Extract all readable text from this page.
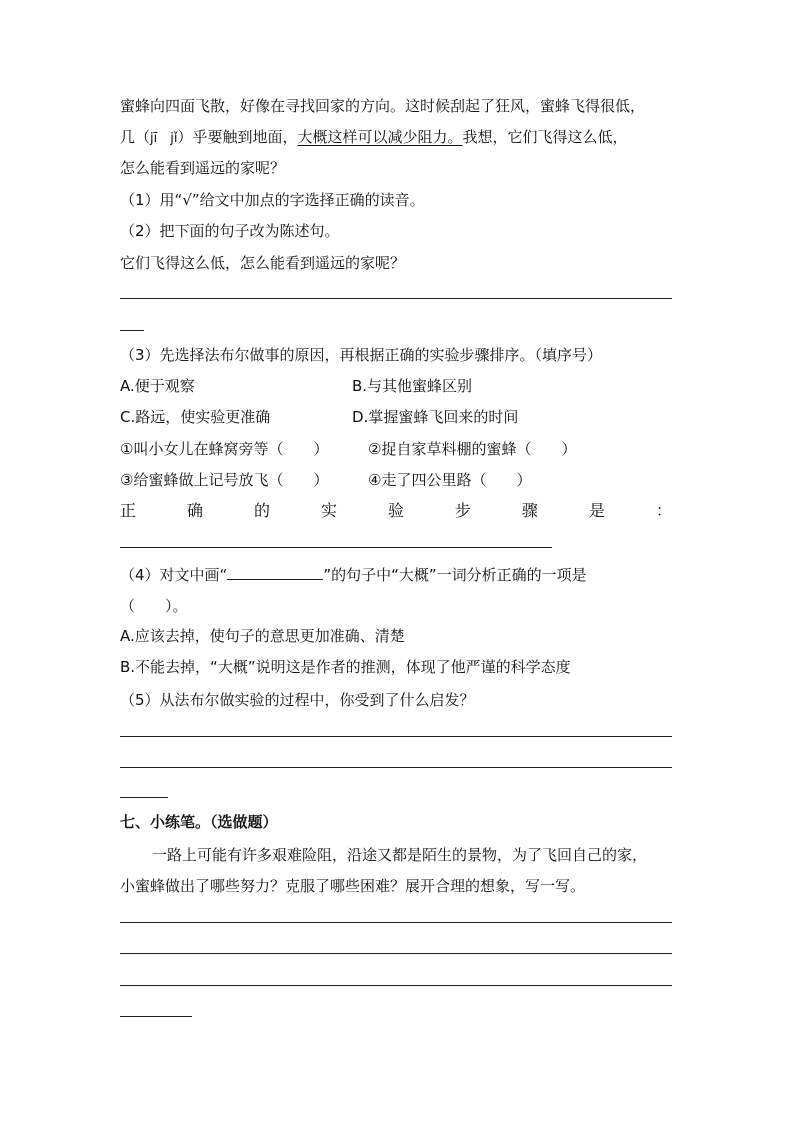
蜜蜂向四面飞散，好像在寻找回家的方向。这时候刮起了狂风，蜜蜂飞得很低，
几（jī　jǐ）乎要触到地面，大概这样可以减少阻力。我想，它们飞得这么低，
怎么能看到遥远的家呢？
（1）用“√”给文中加点的字选择正确的读音。
（2）把下面的句子改为陈述句。
它们飞得这么低，怎么能看到遥远的家呢？
（3）先选择法布尔做事的原因，再根据正确的实验步骤排序。（填序号）
A.便于观察	B.与其他蜜蜂区别
C.路远，使实验更准确	D.掌握蜜蜂飞回来的时间
①叫小女儿在蜂窝旁等（　　）	②捉自家草料棚的蜜蜂（　　）
③给蜜蜂做上记号放飞（　　）	④走了四公里路（　　）
正	确	的	实	验	步	骤	是	：
（4）对文中画“	”的句子中“大概”一词分析正确的一项是
（　　）。
A.应该去掉，使句子的意思更加准确、清楚
B.不能去掉，“大概”说明这是作者的推测，体现了他严谨的科学态度
（5）从法布尔做实验的过程中，你受到了什么启发？
七、小练笔。（选做题）
一路上可能有许多艰难险阻，沿途又都是陌生的景物，为了飞回自己的家，
小蜜蜂做出了哪些努力？克服了哪些困难？展开合理的想象，写一写。
